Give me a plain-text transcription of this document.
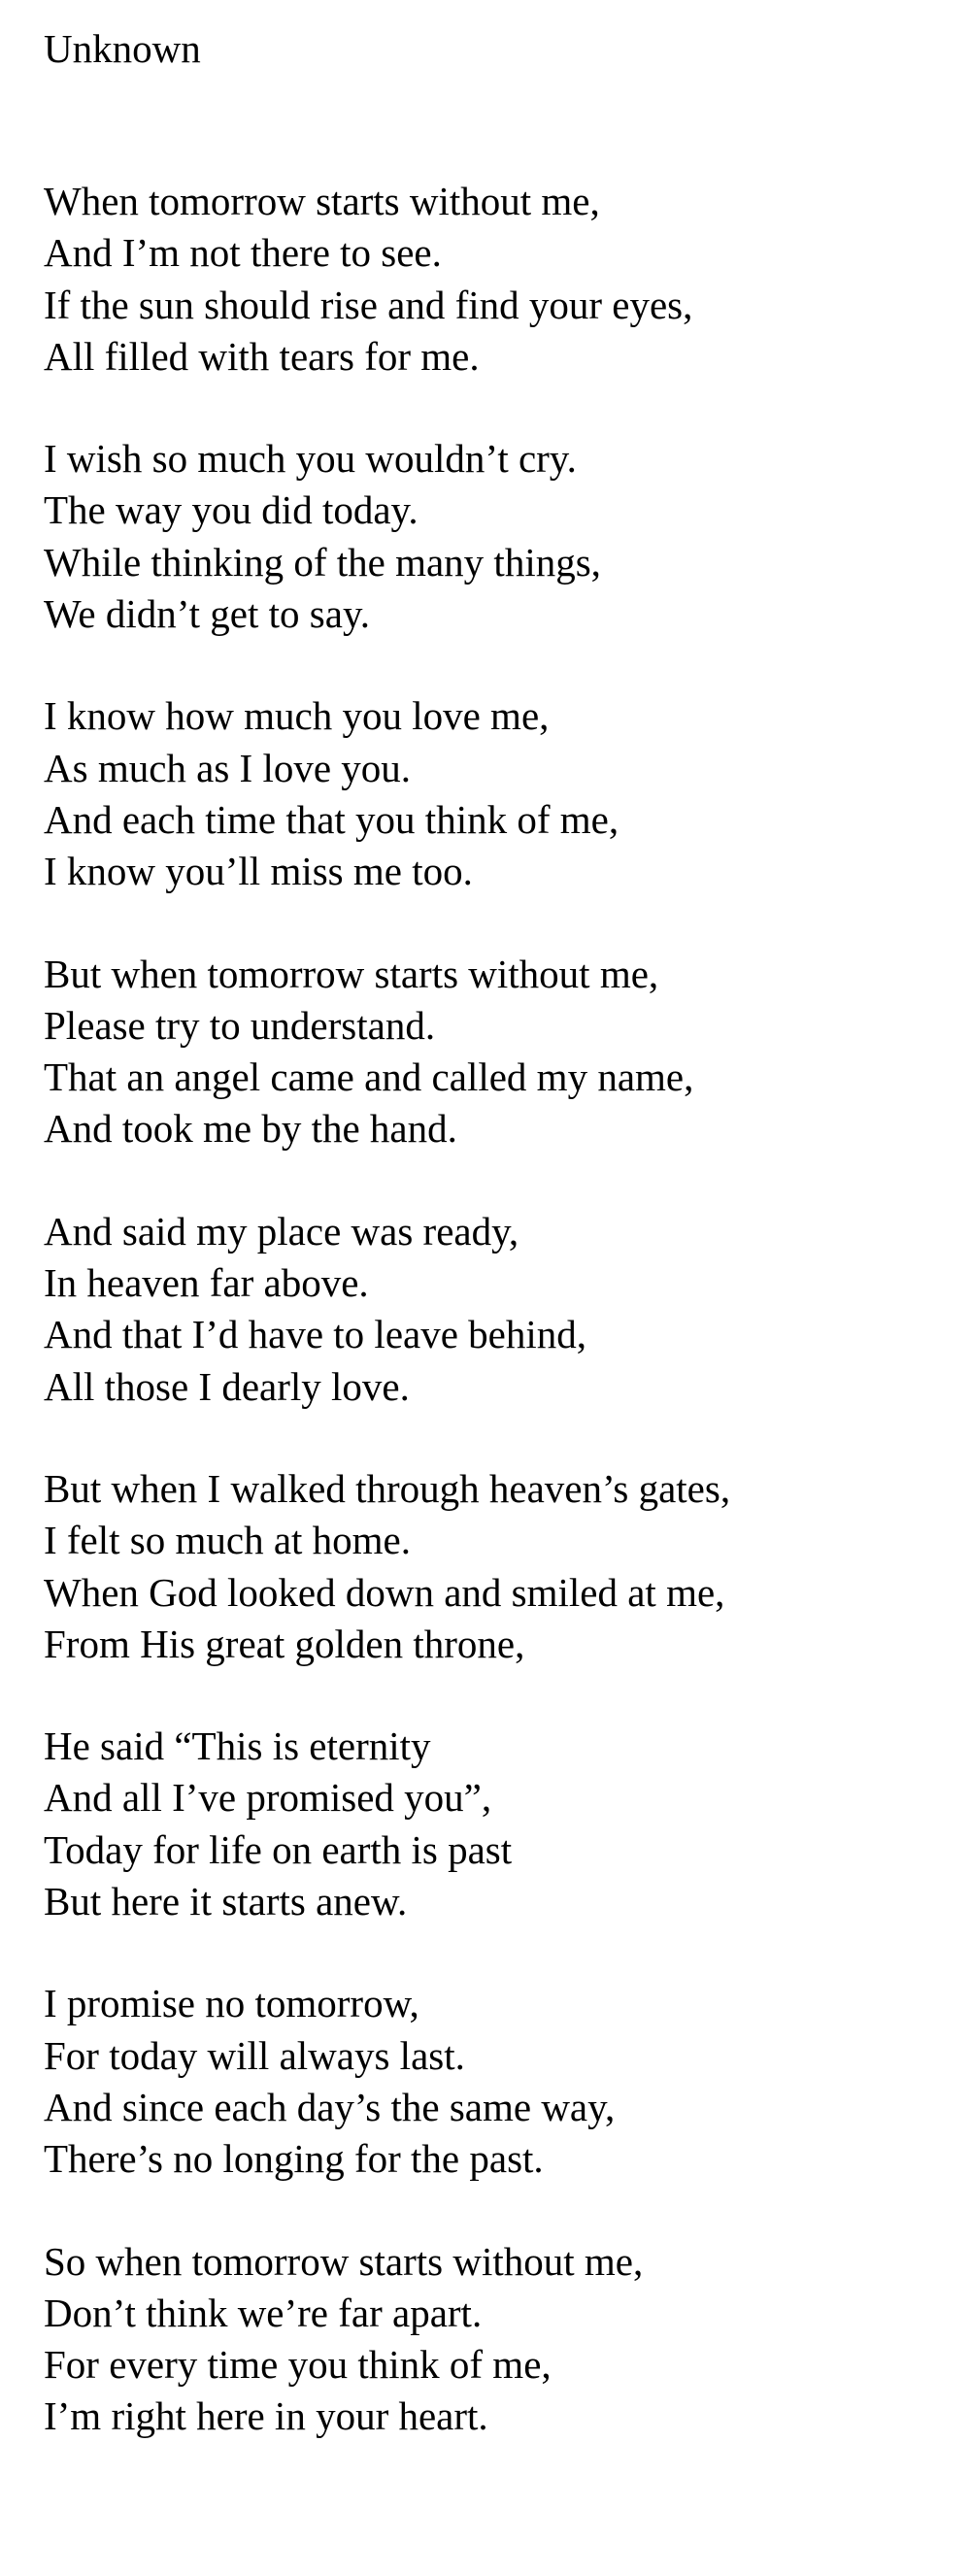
Unknown
When tomorrow starts without me,
And I’m not there to see.
If the sun should rise and find your eyes,
All filled with tears for me.
I wish so much you wouldn’t cry.
The way you did today.
While thinking of the many things,
We didn’t get to say.
I know how much you love me,
As much as I love you.
And each time that you think of me,
I know you’ll miss me too.
But when tomorrow starts without me,
Please try to understand.
That an angel came and called my name,
And took me by the hand.
And said my place was ready,
In heaven far above.
And that I’d have to leave behind,
All those I dearly love.
But when I walked through heaven’s gates,
I felt so much at home.
When God looked down and smiled at me,
From His great golden throne,
He said “This is eternity
And all I’ve promised you”,
Today for life on earth is past
But here it starts anew.
I promise no tomorrow,
For today will always last.
And since each day’s the same way,
There’s no longing for the past.
So when tomorrow starts without me,
Don’t think we’re far apart.
For every time you think of me,
I’m right here in your heart.
